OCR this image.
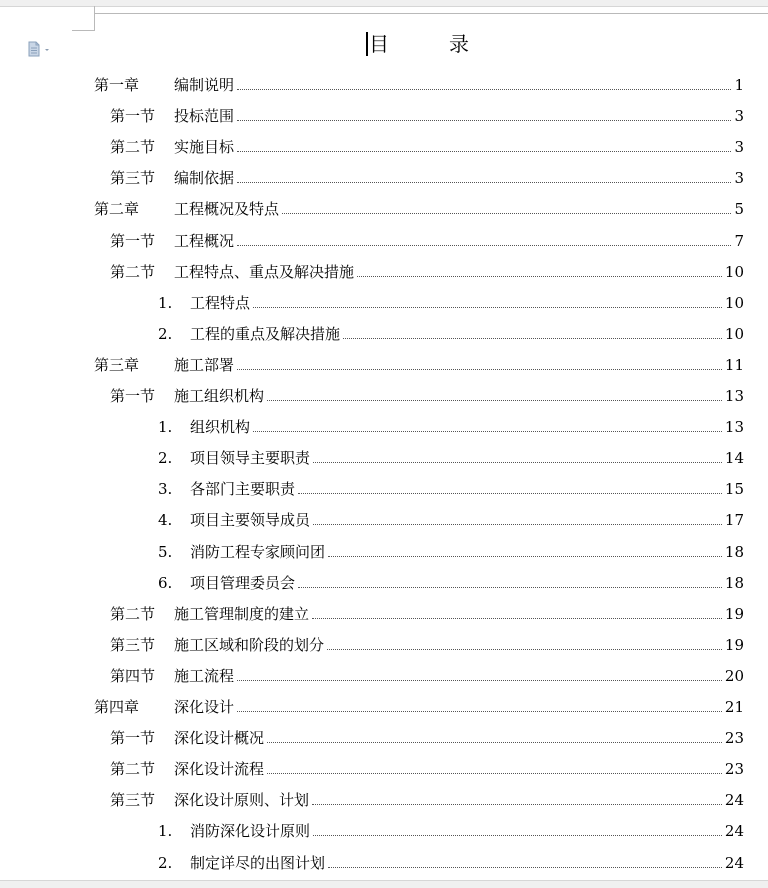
目　　　录
第一章	编制说明	1
第一节	投标范围	3
第二节	实施目标	3
第三节	编制依据	3
第二章	工程概况及特点	5
第一节	工程概况	7
第二节	工程特点、重点及解决措施	10
1.	工程特点	10
2.	工程的重点及解决措施	10
第三章	施工部署	11
第一节	施工组织机构	13
1.	组织机构	13
2.	项目领导主要职责	14
3.	各部门主要职责	15
4.	项目主要领导成员	17
5.	消防工程专家顾问团	18
6.	项目管理委员会	18
第二节	施工管理制度的建立	19
第三节	施工区域和阶段的划分	19
第四节	施工流程	20
第四章	深化设计	21
第一节	深化设计概况	23
第二节	深化设计流程	23
第三节	深化设计原则、计划	24
1.	消防深化设计原则	24
2.	制定详尽的出图计划	24
